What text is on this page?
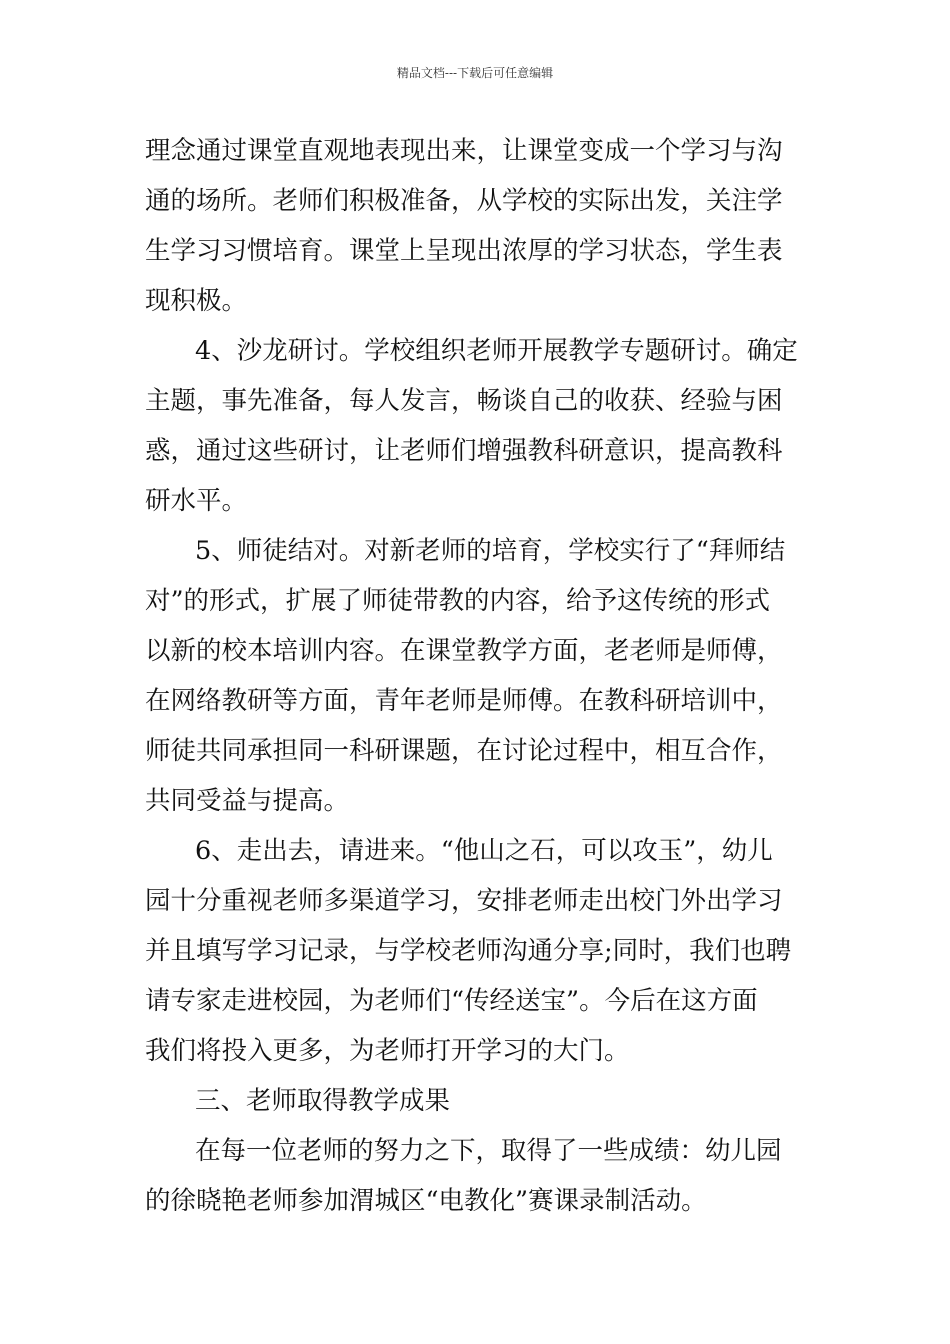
精品文档---下载后可任意编辑
理念通过课堂直观地表现出来，让课堂变成一个学习与沟
通的场所。老师们积极准备，从学校的实际出发，关注学
生学习习惯培育。课堂上呈现出浓厚的学习状态，学生表
现积极。
4、沙龙研讨。学校组织老师开展教学专题研讨。确定
主题，事先准备，每人发言，畅谈自己的收获、经验与困
惑，通过这些研讨，让老师们增强教科研意识，提高教科
研水平。
5、师徒结对。对新老师的培育，学校实行了“拜师结
对”的形式，扩展了师徒带教的内容，给予这传统的形式
以新的校本培训内容。在课堂教学方面，老老师是师傅，
在网络教研等方面，青年老师是师傅。在教科研培训中，
师徒共同承担同一科研课题，在讨论过程中，相互合作，
共同受益与提高。
6、走出去，请进来。“他山之石，可以攻玉”，幼儿
园十分重视老师多渠道学习，安排老师走出校门外出学习
并且填写学习记录，与学校老师沟通分享;同时，我们也聘
请专家走进校园，为老师们“传经送宝”。今后在这方面
我们将投入更多，为老师打开学习的大门。
三、老师取得教学成果
在每一位老师的努力之下，取得了一些成绩：幼儿园
的徐晓艳老师参加渭城区“电教化”赛课录制活动。
